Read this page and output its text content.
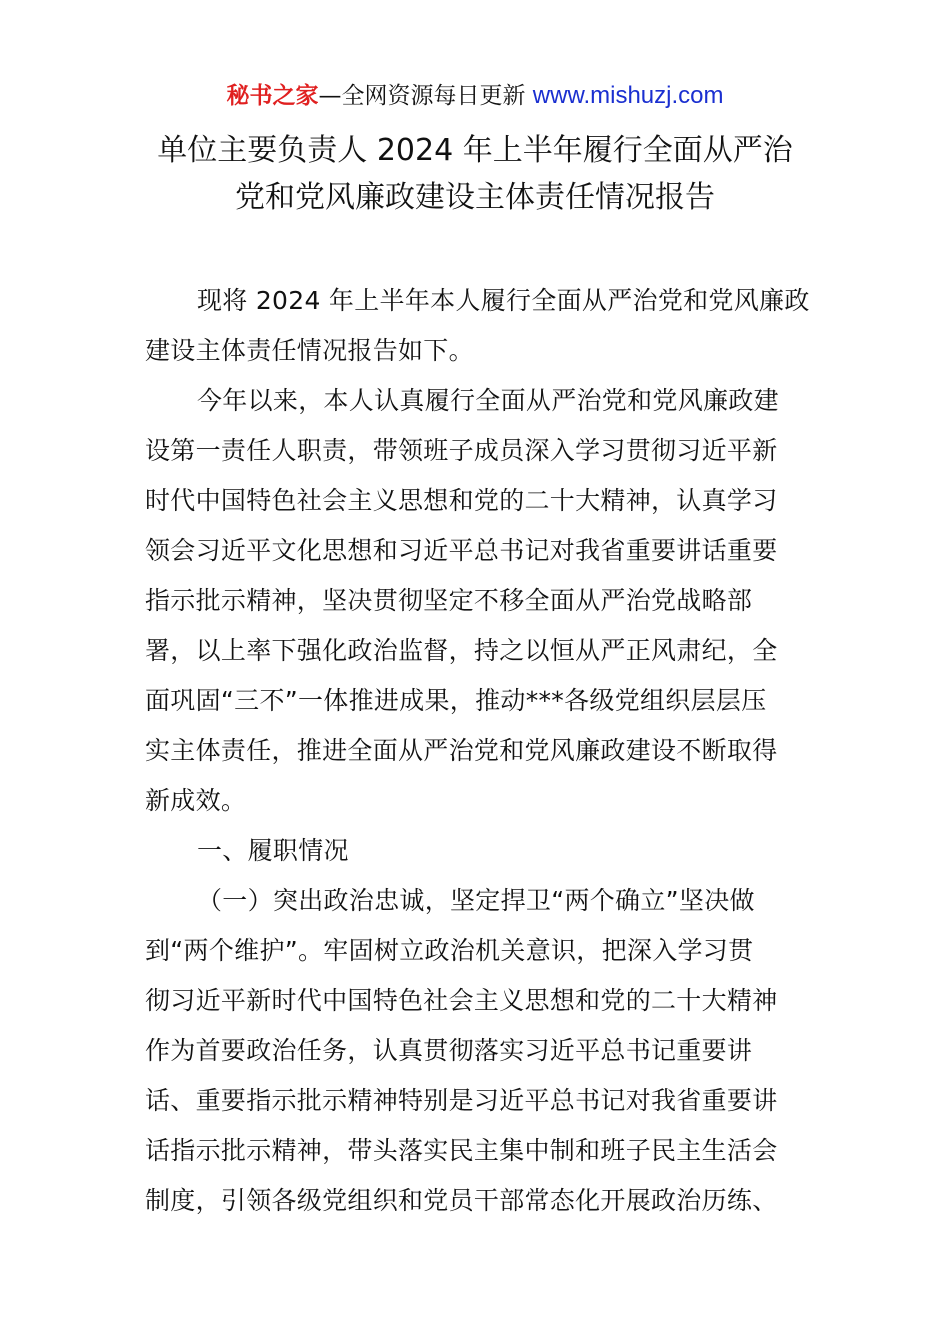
秘书之家—全网资源每日更新 www.mishuzj.com
单位主要负责人 2024 年上半年履行全面从严治
党和党风廉政建设主体责任情况报告
现将 2024 年上半年本人履行全面从严治党和党风廉政
建设主体责任情况报告如下。
今年以来，本人认真履行全面从严治党和党风廉政建
设第一责任人职责，带领班子成员深入学习贯彻习近平新
时代中国特色社会主义思想和党的二十大精神，认真学习
领会习近平文化思想和习近平总书记对我省重要讲话重要
指示批示精神，坚决贯彻坚定不移全面从严治党战略部
署，以上率下强化政治监督，持之以恒从严正风肃纪，全
面巩固“三不”一体推进成果，推动***各级党组织层层压
实主体责任，推进全面从严治党和党风廉政建设不断取得
新成效。
一、履职情况
（一）突出政治忠诚，坚定捍卫“两个确立”坚决做
到“两个维护”。牢固树立政治机关意识，把深入学习贯
彻习近平新时代中国特色社会主义思想和党的二十大精神
作为首要政治任务，认真贯彻落实习近平总书记重要讲
话、重要指示批示精神特别是习近平总书记对我省重要讲
话指示批示精神，带头落实民主集中制和班子民主生活会
制度，引领各级党组织和党员干部常态化开展政治历练、
